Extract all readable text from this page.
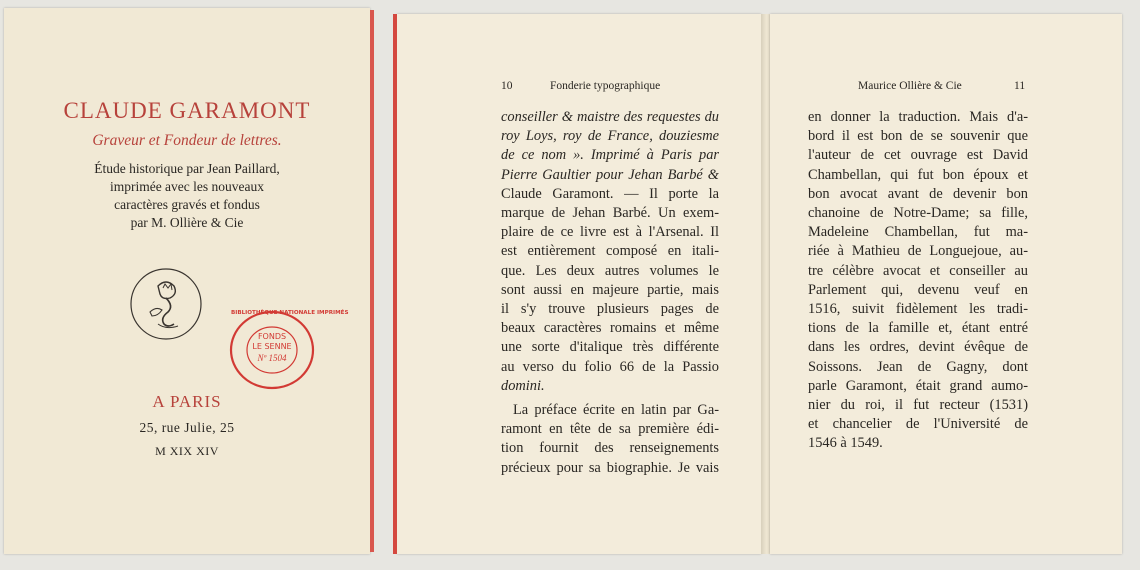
CLAUDE GARAMONT
Graveur et Fondeur de lettres.
Étude historique par Jean Paillard,
imprimée avec les nouveaux
caractères gravés et fondus
par M. Ollière & Cie
BIBLIOTHÈQUE NATIONALE IMPRIMÉS
FONDS
LE SENNE
Nº 1504
A PARIS
25, rue Julie, 25
M XIX XIV
10	Fonderie typographique
conseiller & maistre des requestes du
roy Loys, roy de France, douziesme
de ce nom ». Imprimé à Paris par
Pierre Gaultier pour Jehan Barbé &
Claude Garamont. — Il porte la
marque de Jehan Barbé. Un exem-
plaire de ce livre est à l'Arsenal. Il
est entièrement composé en itali-
que. Les deux autres volumes le
sont aussi en majeure partie, mais
il s'y trouve plusieurs pages de
beaux caractères romains et même
une sorte d'italique très différente
au verso du folio 66 de la Passio
domini.
La préface écrite en latin par Ga-
ramont en tête de sa première édi-
tion fournit des renseignements
précieux pour sa biographie. Je vais
Maurice Ollière & Cie	11
en donner la traduction. Mais d'a-
bord il est bon de se souvenir que
l'auteur de cet ouvrage est David
Chambellan, qui fut bon époux et
bon avocat avant de devenir bon
chanoine de Notre-Dame; sa fille,
Madeleine Chambellan, fut ma-
riée à Mathieu de Longuejoue, au-
tre célèbre avocat et conseiller au
Parlement qui, devenu veuf en
1516, suivit fidèlement les tradi-
tions de la famille et, étant entré
dans les ordres, devint évêque de
Soissons. Jean de Gagny, dont
parle Garamont, était grand aumo-
nier du roi, il fut recteur (1531)
et chancelier de l'Université de
1546 à 1549.
